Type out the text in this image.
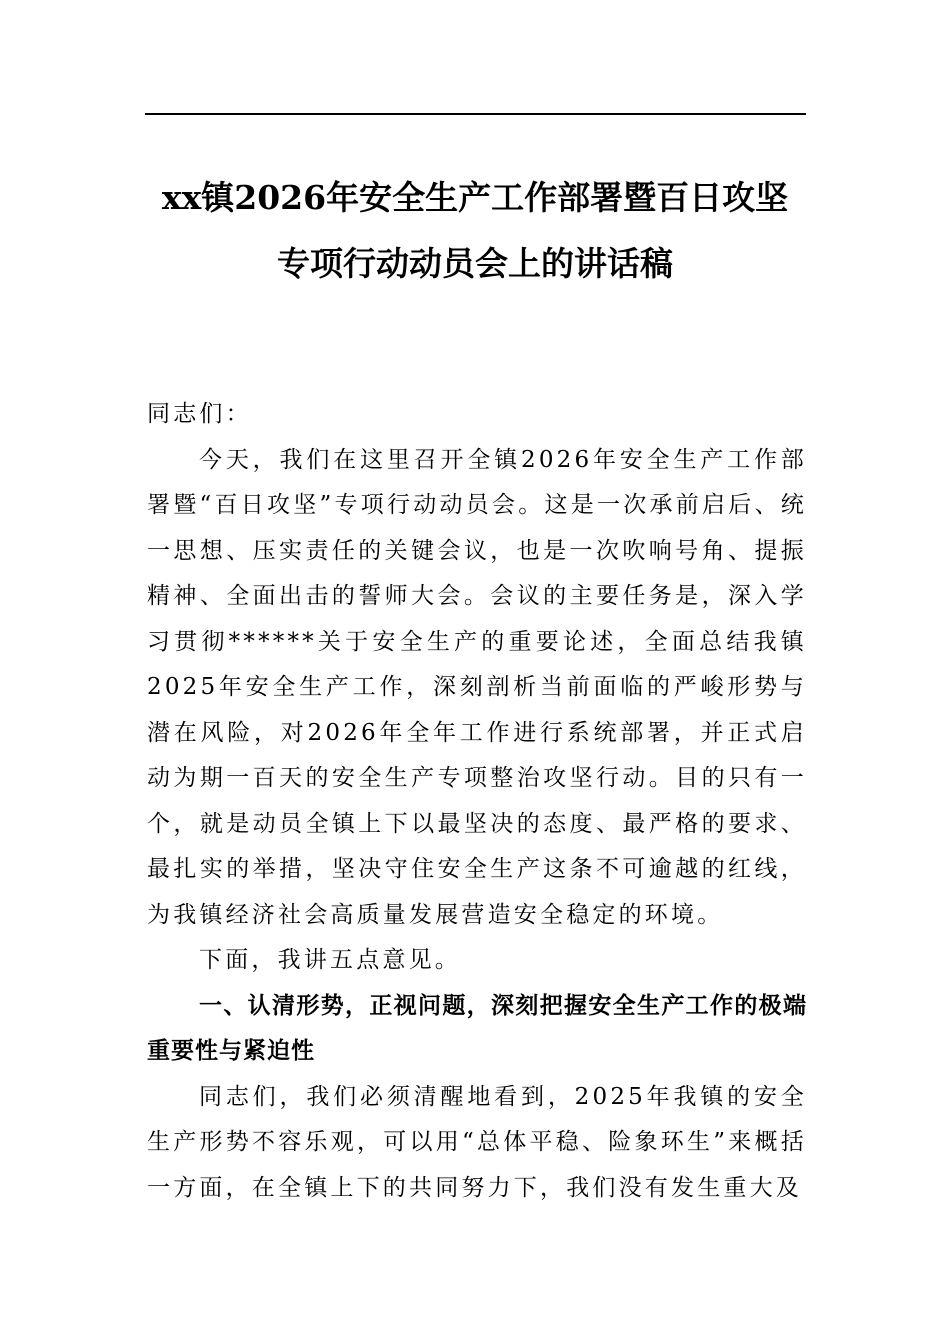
xx镇2026年安全生产工作部署暨百日攻坚
专项行动动员会上的讲话稿

同志们：

今天，我们在这里召开全镇2026年安全生产工作部署暨“百日攻坚”专项行动动员会。这是一次承前启后、统一思想、压实责任的关键会议，也是一次吹响号角、提振精神、全面出击的誓师大会。会议的主要任务是，深入学习贯彻******关于安全生产的重要论述，全面总结我镇2025年安全生产工作，深刻剖析当前面临的严峻形势与潜在风险，对2026年全年工作进行系统部署，并正式启动为期一百天的安全生产专项整治攻坚行动。目的只有一个，就是动员全镇上下以最坚决的态度、最严格的要求、最扎实的举措，坚决守住安全生产这条不可逾越的红线，为我镇经济社会高质量发展营造安全稳定的环境。

下面，我讲五点意见。

一、认清形势，正视问题，深刻把握安全生产工作的极端重要性与紧迫性

同志们，我们必须清醒地看到，2025年我镇的安全生产形势不容乐观，可以用“总体平稳、险象环生”来概括一方面，在全镇上下的共同努力下，我们没有发生重大及
